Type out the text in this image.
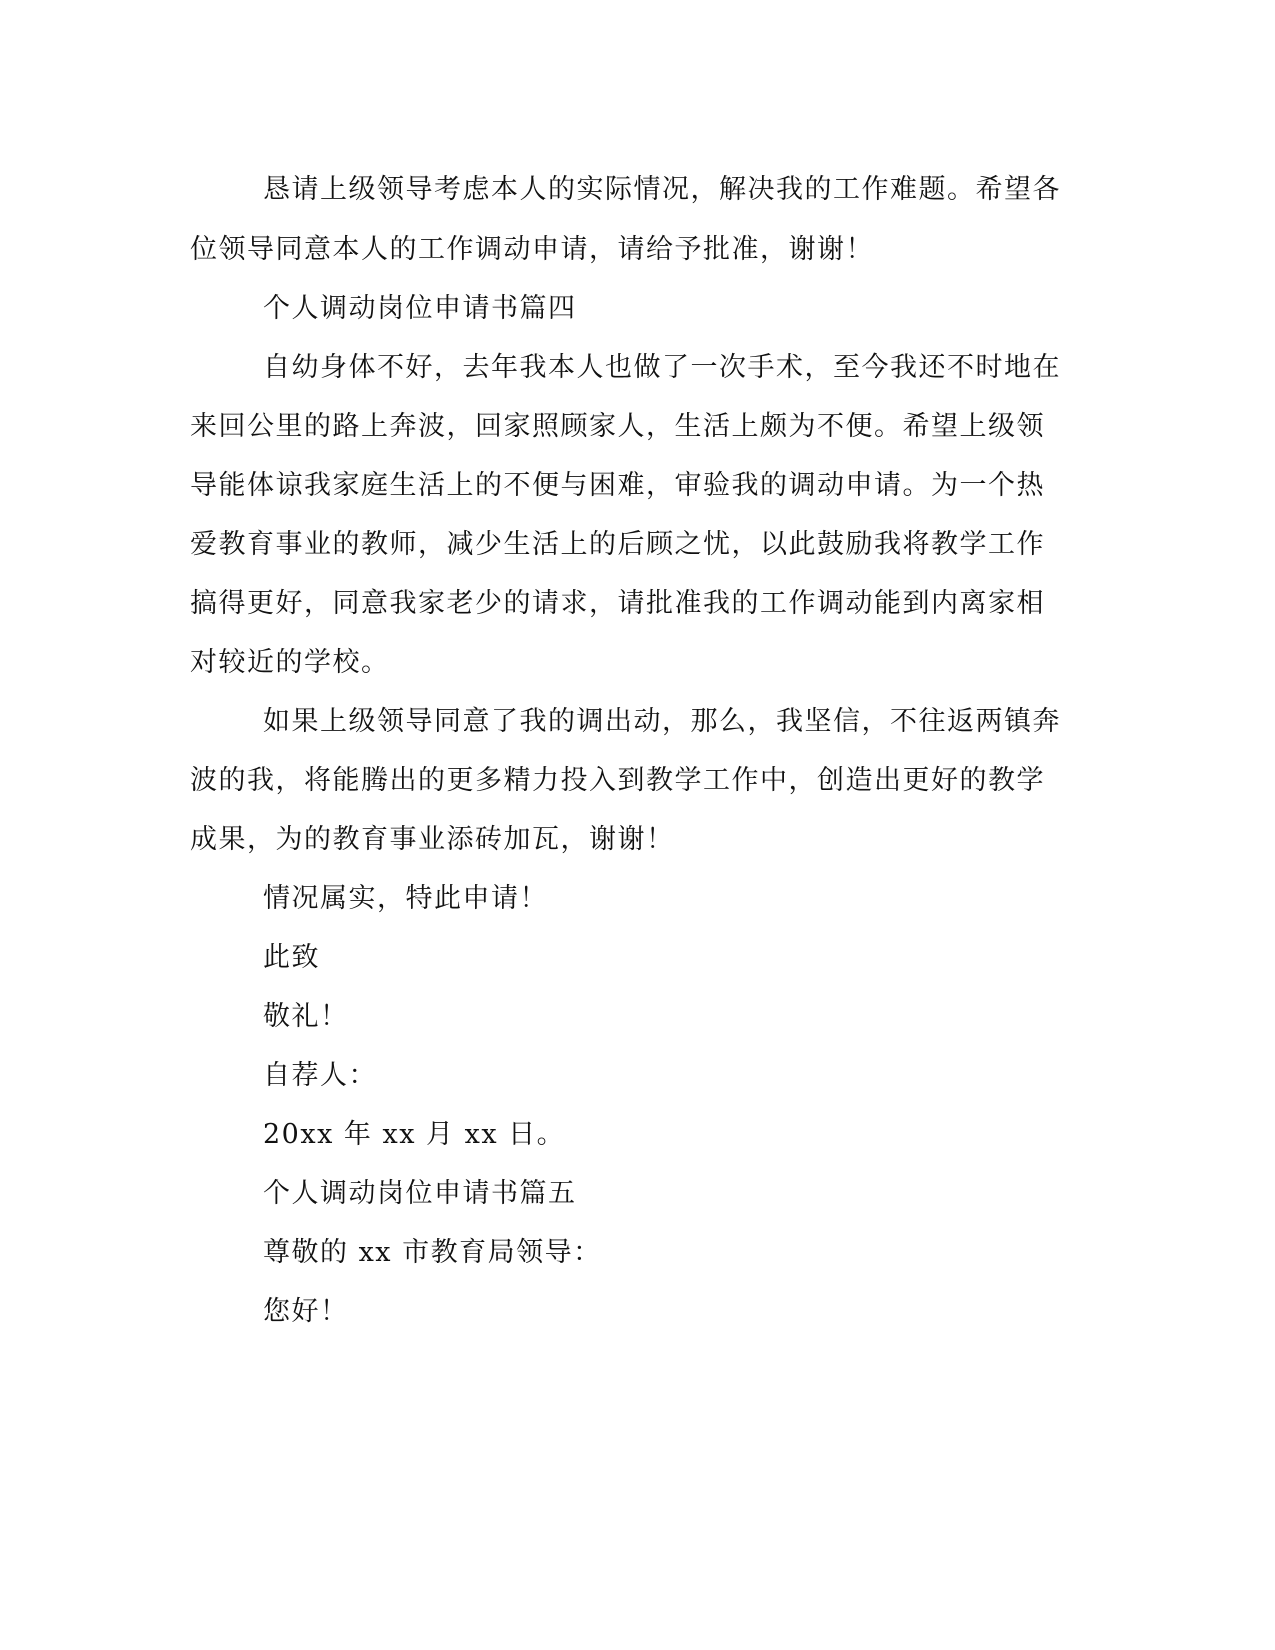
恳请上级领导考虑本人的实际情况，解决我的工作难题。希望各
位领导同意本人的工作调动申请，请给予批准，谢谢！
个人调动岗位申请书篇四
自幼身体不好，去年我本人也做了一次手术，至今我还不时地在
来回公里的路上奔波，回家照顾家人，生活上颇为不便。希望上级领
导能体谅我家庭生活上的不便与困难，审验我的调动申请。为一个热
爱教育事业的教师，减少生活上的后顾之忧，以此鼓励我将教学工作
搞得更好，同意我家老少的请求，请批准我的工作调动能到内离家相
对较近的学校。
如果上级领导同意了我的调出动，那么，我坚信，不往返两镇奔
波的我，将能腾出的更多精力投入到教学工作中，创造出更好的教学
成果，为的教育事业添砖加瓦，谢谢！
情况属实，特此申请！
此致
敬礼！
自荐人：
20xx 年 xx 月 xx 日。
个人调动岗位申请书篇五
尊敬的 xx 市教育局领导：
您好！
